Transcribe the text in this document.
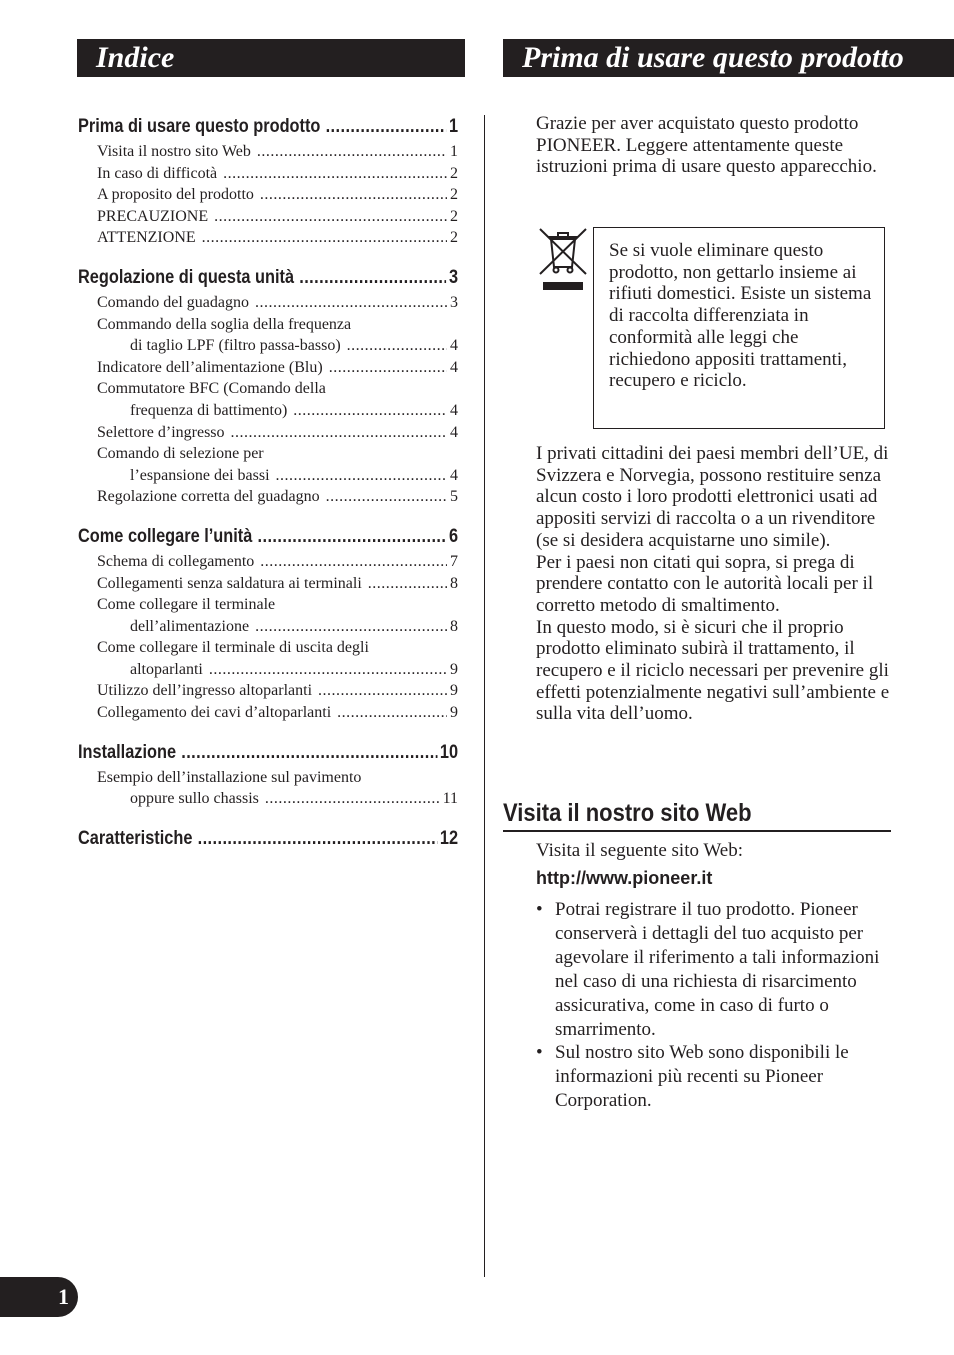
Indice	Prima di usare questo prodotto
Prima di usare questo prodotto .....	1
Visita il nostro sito Web .....	1
In caso di difficotà .....	2
A proposito del prodotto .....	2
PRECAUZIONE .....	2
ATTENZIONE .....	2
Regolazione di questa unità .....	3
Comando del guadagno .....	3
Commando della soglia della frequenza
di taglio LPF (filtro passa-basso) .....	4
Indicatore dell’alimentazione (Blu) .....	4
Commutatore BFC (Comando della
frequenza di battimento) .....	4
Selettore d’ingresso .....	4
Comando di selezione per
l’espansione dei bassi .....	4
Regolazione corretta del guadagno .....	5
Come collegare l’unità .....	6
Schema di collegamento .....	7
Collegamenti senza saldatura ai terminali .....	8
Come collegare il terminale
dell’alimentazione .....	8
Come collegare il terminale di uscita degli
altoparlanti .....	9
Utilizzo dell’ingresso altoparlanti .....	9
Collegamento dei cavi d’altoparlanti .....	9
Installazione .....	10
Esempio dell’installazione sul pavimento
oppure sullo chassis .....	11
Caratteristiche .....	12
Grazie per aver acquistato questo prodotto PIONEER. Leggere attentamente queste istruzioni prima di usare questo apparecchio.
Se si vuole eliminare questo prodotto, non gettarlo insieme ai rifiuti domestici. Esiste un sistema di raccolta differenziata in conformità alle leggi che richiedono appositi trattamenti, recupero e riciclo.

I privati cittadini dei paesi membri dell’UE, di Svizzera e Norvegia, possono restituire senza alcun costo i loro prodotti elettronici usati ad appositi servizi di raccolta o a un rivenditore (se si desidera acquistarne uno simile).

Per i paesi non citati qui sopra, si prega di prendere contatto con le autorità locali per il corretto metodo di smaltimento.

In questo modo, si è sicuri che il proprio prodotto eliminato subirà il trattamento, il recupero e il riciclo necessari per prevenire gli effetti potenzialmente negativi sull’ambiente e sulla vita dell’uomo.

Visita il nostro sito Web
Visita il seguente sito Web:
http://www.pioneer.it
• Potrai registrare il tuo prodotto. Pioneer conserverà i dettagli del tuo acquisto per agevolare il riferimento a tali informazioni nel caso di una richiesta di risarcimento assicurativa, come in caso di furto o smarrimento.
• Sul nostro sito Web sono disponibili le informazioni più recenti su Pioneer Corporation.
1
